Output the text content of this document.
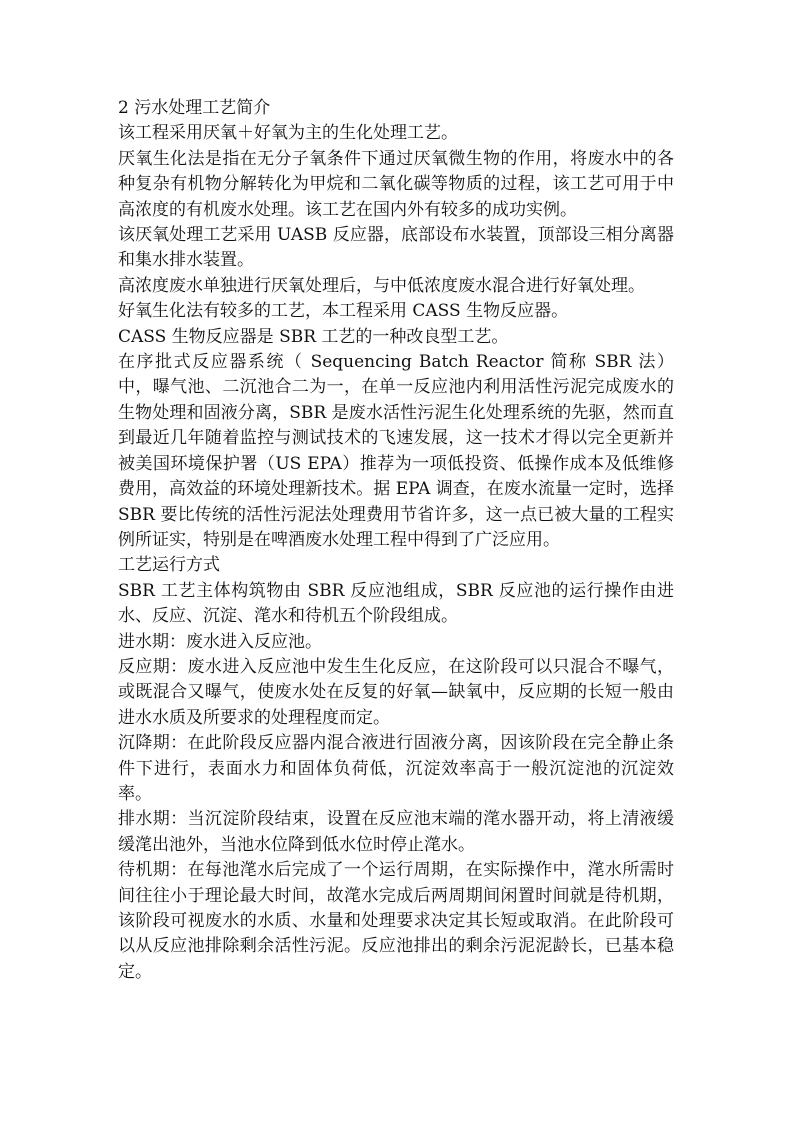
2 污水处理工艺简介

该工程采用厌氧＋好氧为主的生化处理工艺。

厌氧生化法是指在无分子氧条件下通过厌氧微生物的作用，将废水中的各种复杂有机物分解转化为甲烷和二氧化碳等物质的过程，该工艺可用于中高浓度的有机废水处理。该工艺在国内外有较多的成功实例。

该厌氧处理工艺采用 UASB 反应器，底部设布水装置，顶部设三相分离器和集水排水装置。

高浓度废水单独进行厌氧处理后，与中低浓度废水混合进行好氧处理。

好氧生化法有较多的工艺，本工程采用 CASS 生物反应器。

CASS 生物反应器是 SBR 工艺的一种改良型工艺。

在序批式反应器系统（ Sequencing Batch Reactor 简称 SBR 法）中，曝气池、二沉池合二为一，在单一反应池内利用活性污泥完成废水的生物处理和固液分离，SBR 是废水活性污泥生化处理系统的先驱，然而直到最近几年随着监控与测试技术的飞速发展，这一技术才得以完全更新并被美国环境保护署（US EPA）推荐为一项低投资、低操作成本及低维修费用，高效益的环境处理新技术。据 EPA 调查，在废水流量一定时，选择 SBR 要比传统的活性污泥法处理费用节省许多，这一点已被大量的工程实例所证实，特别是在啤酒废水处理工程中得到了广泛应用。

工艺运行方式

SBR 工艺主体构筑物由 SBR 反应池组成，SBR 反应池的运行操作由进水、反应、沉淀、滗水和待机五个阶段组成。

进水期：废水进入反应池。

反应期：废水进入反应池中发生生化反应，在这阶段可以只混合不曝气，或既混合又曝气，使废水处在反复的好氧—缺氧中，反应期的长短一般由进水水质及所要求的处理程度而定。

沉降期：在此阶段反应器内混合液进行固液分离，因该阶段在完全静止条件下进行，表面水力和固体负荷低，沉淀效率高于一般沉淀池的沉淀效率。

排水期：当沉淀阶段结束，设置在反应池末端的滗水器开动，将上清液缓缓滗出池外，当池水位降到低水位时停止滗水。

待机期：在每池滗水后完成了一个运行周期，在实际操作中，滗水所需时间往往小于理论最大时间，故滗水完成后两周期间闲置时间就是待机期，该阶段可视废水的水质、水量和处理要求决定其长短或取消。在此阶段可以从反应池排除剩余活性污泥。反应池排出的剩余污泥泥龄长，已基本稳定。
